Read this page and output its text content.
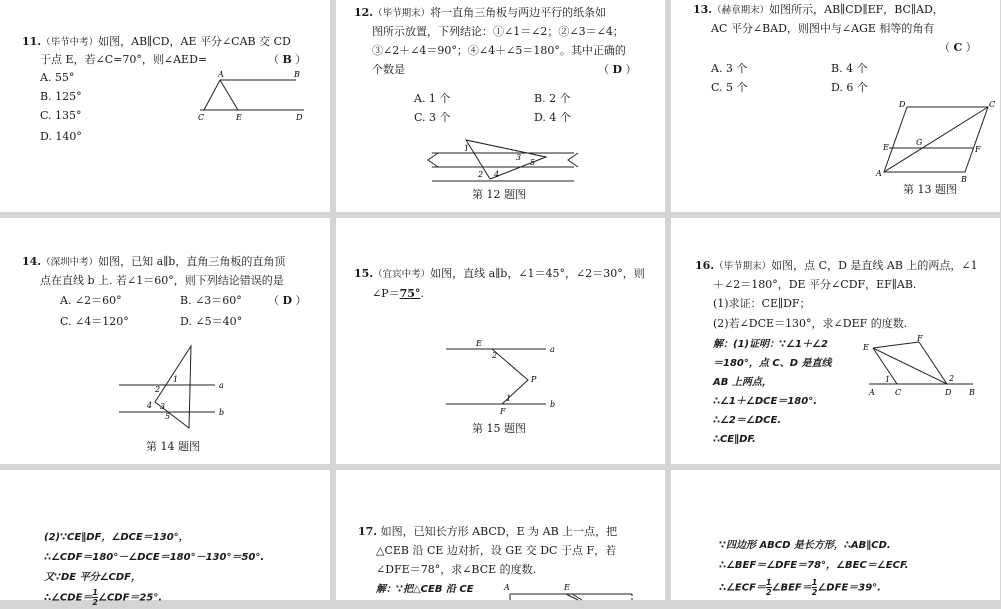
11.（毕节中考）如图，AB∥CD，AE 平分∠CAB 交 CD
于点 E，若∠C=70°，则∠AED=	（ B ）
A. 55°
B. 125°
C. 135°
D. 140°
A	B
C	E	D
12.（毕节期末）将一直角三角板与两边平行的纸条如
图所示放置，下列结论：①∠1＝∠2；②∠3＝∠4；
③∠2＋∠4＝90°；④∠4＋∠5＝180°。其中正确的
个数是	（ D ）
A. 1 个	B. 2 个
C. 3 个	D. 4 个
1
2
3
4
5
第 12 题图
13.（赫章期末）如图所示，AB∥CD∥EF，BC∥AD，
AC 平分∠BAD，则图中与∠AGE 相等的角有
（ C ）
A. 3 个	B. 4 个
C. 5 个	D. 6 个
D	C
E
G
F
A
B
第 13 题图
14.（深圳中考）如图，已知 a∥b，直角三角板的直角顶
点在直线 b 上. 若∠1＝60°，则下列结论错误的是
A. ∠2＝60°	B. ∠3＝60° （ D ）
C. ∠4＝120°	D. ∠5＝40°
a
b
1
2
3
4
5
第 14 题图
15.（宜宾中考）如图，直线 a∥b，∠1＝45°，∠2＝30°，则
∠P＝75°.
E
2
a
P
1
F
b
第 15 题图
16.（毕节期末）如图，点 C，D 是直线 AB 上的两点，∠1
＋∠2＝180°，DE 平分∠CDF，EF∥AB.
(1)求证：CE∥DF；
(2)若∠DCE＝130°，求∠DEF 的度数.
解：(1)证明：∵∠1＋∠2
＝180°，点 C、D 是直线
AB 上两点，
∴∠1＋∠DCE＝180°.
∴∠2＝∠DCE.
∴CE∥DF.
E
F
1	2
A	C	D B
(2)∵CE∥DF，∠DCE＝130°，
∴∠CDF＝180°－∠DCE＝180°－130°＝50°.
又∵DE 平分∠CDF，
∴∠CDE＝ $\frac{1}{2}$ ∠CDF＝25°.
17. 如图，已知长方形 ABCD，E 为 AB 上一点，把
△CEB 沿 CE 边对折，设 GE 交 DC 于点 F，若
∠DFE＝78°，求∠BCE 的度数.
解：∵把△CEB 沿 CE	A	E
∵四边形 ABCD 是长方形，∴AB∥CD.
∴∠BEF＝∠DFE＝78°，∠BEC＝∠ECF.
∴∠ECF＝ $\frac{1}{2}$ ∠BEF＝ $\frac{1}{2}$ ∠DFE＝39°.
